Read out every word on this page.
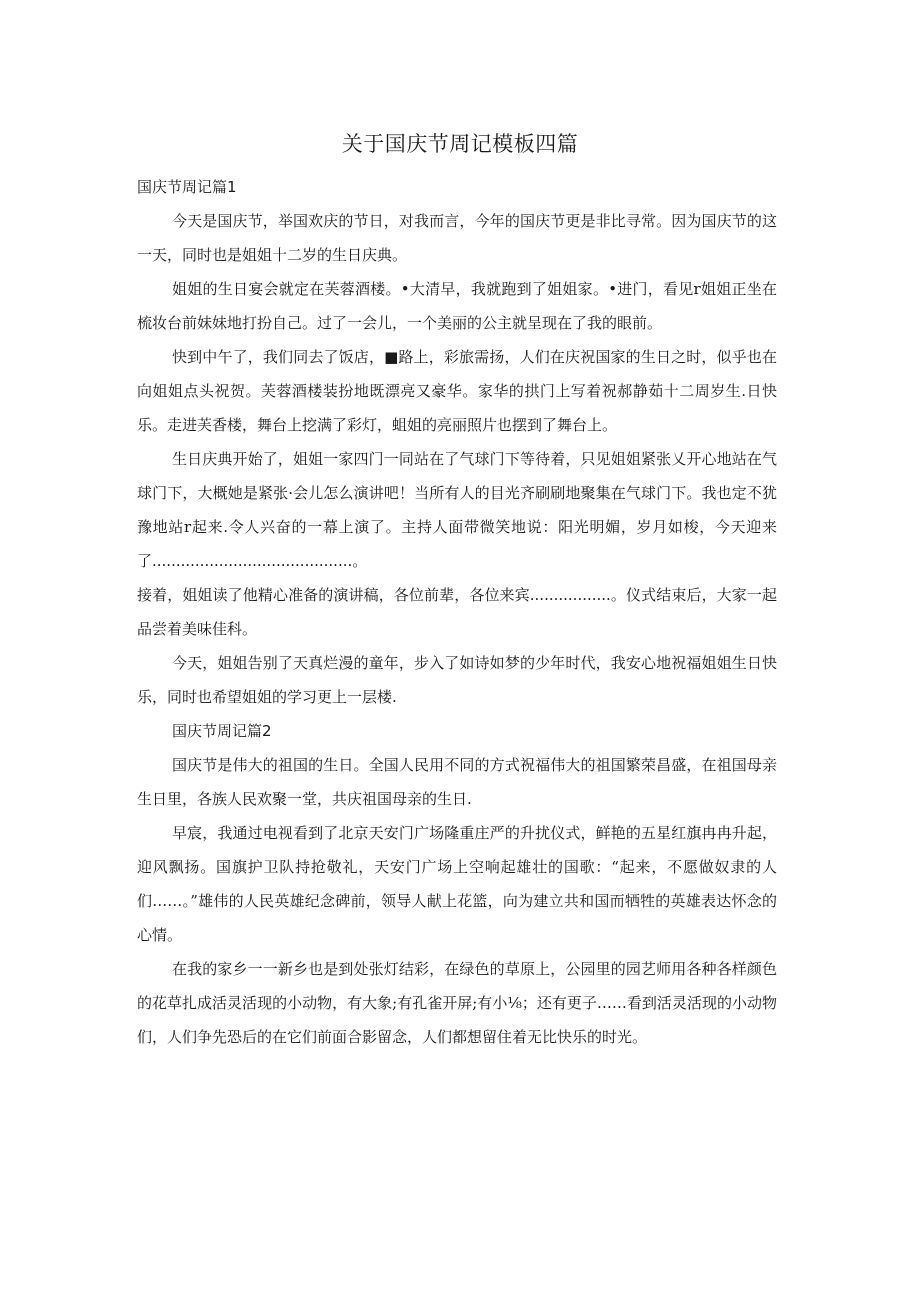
关于国庆节周记模板四篇

国庆节周记篇1

今天是国庆节，举国欢庆的节日，对我而言，今年的国庆节更是非比寻常。因为国庆节的这一天，同时也是姐姐十二岁的生日庆典。

姐姐的生日宴会就定在芙蓉酒楼。•大清早，我就跑到了姐姐家。•进门，看见r姐姐正坐在梳妆台前妹妹地打扮自己。过了一会儿，一个美丽的公主就呈现在了我的眼前。

快到中午了，我们同去了饭店，■路上，彩旅需扬，人们在庆祝国家的生日之时，似乎也在向姐姐点头祝贺。芙蓉酒楼装扮地既漂亮又豪华。家华的拱门上写着祝郝静茹十二周岁生.日快乐。走进芙香楼，舞台上挖满了彩灯，蛆姐的亮丽照片也摆到了舞台上。

生日庆典开始了，姐姐一家四门一同站在了气球门下等待着，只见姐姐紧张乂开心地站在气球门下，大概她是紧张·会儿怎么演讲吧！当所有人的目光齐刷刷地聚集在气球门下。我也定不犹豫地站r起来.令人兴奋的一幕上演了。主持人面带微笑地说：阳光明媚，岁月如梭，今天迎来了..........................................。

接着，姐姐读了他精心准备的演讲稿，各位前辈，各位来宾.................。仪式结束后，大家一起品尝着美味佳科。

今天，姐姐告别了天真烂漫的童年，步入了如诗如梦的少年时代，我安心地祝福姐姐生日快乐，同时也希望姐姐的学习更上一层楼.

国庆节周记篇2

国庆节是伟大的祖国的生日。全国人民用不同的方式祝福伟大的祖国繁荣昌盛，在祖国母亲生日里，各族人民欢聚一堂，共庆祖国母亲的生日.

早宸，我通过电视看到了北京天安门广场隆重庄严的升扰仪式，鲜艳的五星红旗冉冉升起，迎风飘扬。国旗护卫队持抢敬礼，天安门广场上空响起雄壮的国歌：“起来，不愿做奴隶的人们……。”雄伟的人民英雄纪念碑前，领导人献上花篮，向为建立共和国而牺牲的英雄表达怀念的心情。

在我的家乡一一新乡也是到处张灯结彩，在绿色的草原上，公园里的园艺师用各种各样颜色的花草扎成活灵活现的小动物，有大象;有孔雀开屏;有小⅛；还有更子……看到活灵活现的小动物们，人们争先恐后的在它们前面合影留念，人们都想留住着无比快乐的时光。
